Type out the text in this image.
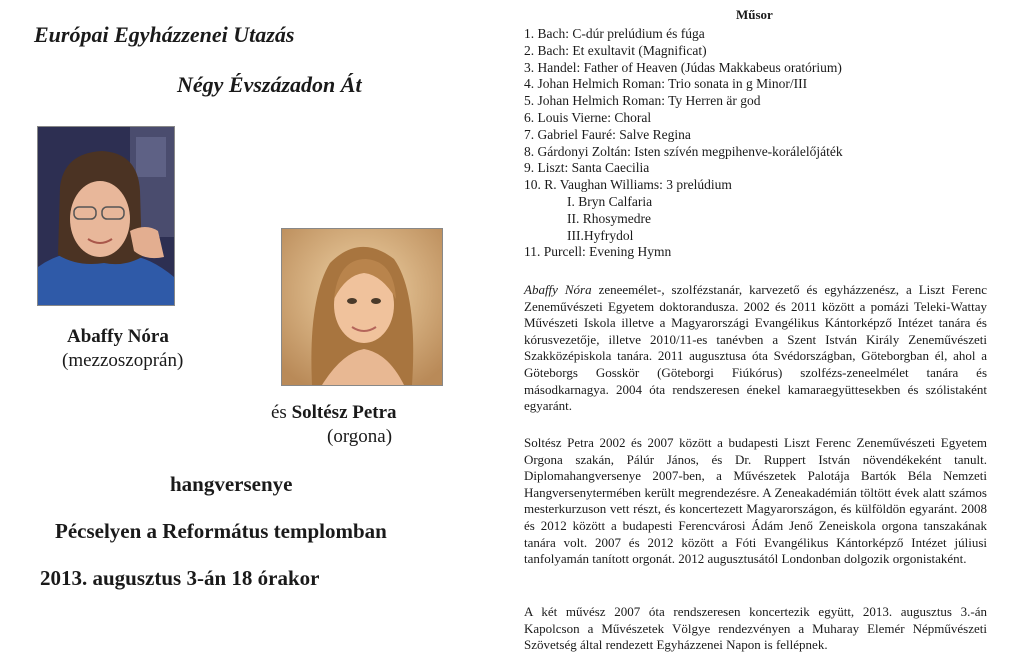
Európai Egyházzenei Utazás
Négy Évszázadon Át
Abaffy Nóra
(mezzoszoprán)
és Soltész Petra
(orgona)
hangversenye
Pécselyen a Református templomban
2013. augusztus 3-án 18 órakor
Műsor
1. Bach: C-dúr prelúdium és fúga
2. Bach: Et exultavit (Magnificat)
3. Handel: Father of Heaven (Júdas Makkabeus oratórium)
4. Johan Helmich Roman: Trio sonata in g Minor/III
5. Johan Helmich Roman: Ty Herren är god
6. Louis Vierne: Choral
7. Gabriel Fauré: Salve Regina
8. Gárdonyi Zoltán: Isten szívén megpihenve-korálelőjáték
9. Liszt: Santa Caecilia
10. R. Vaughan Williams: 3 prelúdium
I. Bryn Calfaria
II. Rhosymedre
III.Hyfrydol
11. Purcell: Evening Hymn
Abaffy Nóra zeneemélet-, szolfézstanár, karvezető és egyházzenész, a Liszt Ferenc Zeneművészeti Egyetem doktorandusza. 2002 és 2011 között a pomázi Teleki-Wattay Művészeti Iskola illetve a Magyarországi Evangélikus Kántorképző Intézet tanára és kórusvezetője, illetve 2010/11-es tanévben a Szent István Király Zeneművészeti Szakközépiskola tanára. 2011 augusztusa óta Svédországban, Göteborgban él, ahol a Göteborgs Gosskör (Göteborgi Fiúkórus) szolfézs-zeneelmélet tanára és másodkarnagya. 2004 óta rendszeresen énekel kamaraegyüttesekben és szólistaként egyaránt.
Soltész Petra 2002 és 2007 között a budapesti Liszt Ferenc Zeneművészeti Egyetem Orgona szakán, Pálúr János, és Dr. Ruppert István növendékeként tanult. Diplomahangversenye 2007-ben, a Művészetek Palotája Bartók Béla Nemzeti Hangversenytermében került megrendezésre. A Zeneakadémián töltött évek alatt számos mesterkurzuson vett részt, és koncertezett Magyarországon, és külföldön egyaránt. 2008 és 2012 között a budapesti Ferencvárosi Ádám Jenő Zeneiskola orgona tanszakának tanára volt. 2007 és 2012 között a Fóti Evangélikus Kántorképző Intézet júliusi tanfolyamán tanított orgonát. 2012 augusztusától Londonban dolgozik orgonistaként.
A két művész 2007 óta rendszeresen koncertezik együtt, 2013. augusztus 3.-án Kapolcson a Művészetek Völgye rendezvényen a Muharay Elemér Népművészeti Szövetség által rendezett Egyházzenei Napon is fellépnek.
